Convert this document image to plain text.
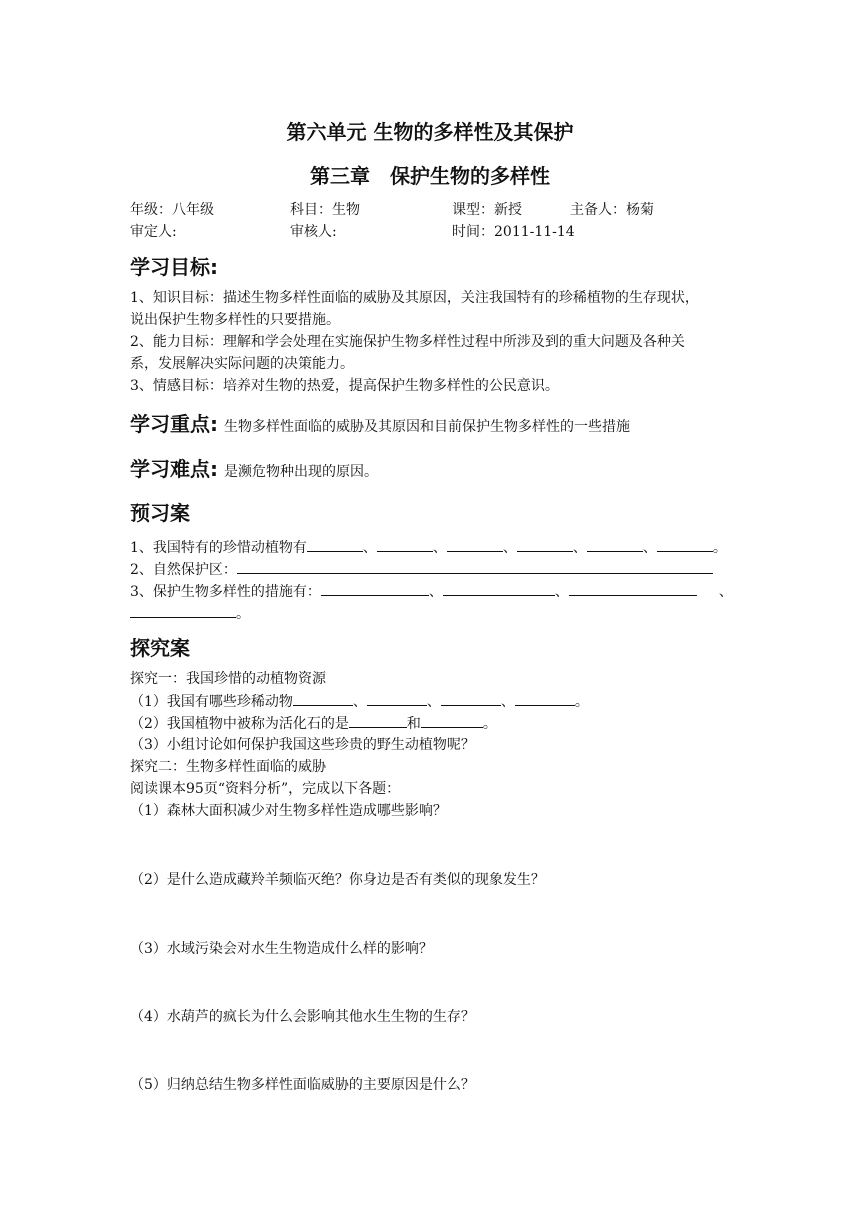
第六单元 生物的多样性及其保护
第三章　保护生物的多样性
年级：八年级	科目：生物	课型：新授	主备人：杨菊
审定人:	审核人:	时间：2011-11-14
学习目标:
1、知识目标：描述生物多样性面临的威胁及其原因，关注我国特有的珍稀植物的生存现状，
说出保护生物多样性的只要措施。
2、能力目标：理解和学会处理在实施保护生物多样性过程中所涉及到的重大问题及各种关
系，发展解决实际问题的决策能力。
3、情感目标：培养对生物的热爱，提高保护生物多样性的公民意识。
学习重点: 生物多样性面临的威胁及其原因和目前保护生物多样性的一些措施
学习难点: 是濒危物种出现的原因。
预习案
1、我国特有的珍惜动植物有	、	、	、	、	、	。
2、自然保护区：
3、保护生物多样性的措施有：	、	、	、
。
探究案
探究一：我国珍惜的动植物资源
（1）我国有哪些珍稀动物	、	、	、	。
（2）我国植物中被称为活化石的是	和	。
（3）小组讨论如何保护我国这些珍贵的野生动植物呢？
探究二：生物多样性面临的威胁
阅读课本95页“资料分析”，完成以下各题：
（1）森林大面积减少对生物多样性造成哪些影响？
（2）是什么造成藏羚羊频临灭绝？你身边是否有类似的现象发生？
（3）水域污染会对水生生物造成什么样的影响？
（4）水葫芦的疯长为什么会影响其他水生生物的生存？
（5）归纳总结生物多样性面临威胁的主要原因是什么？
